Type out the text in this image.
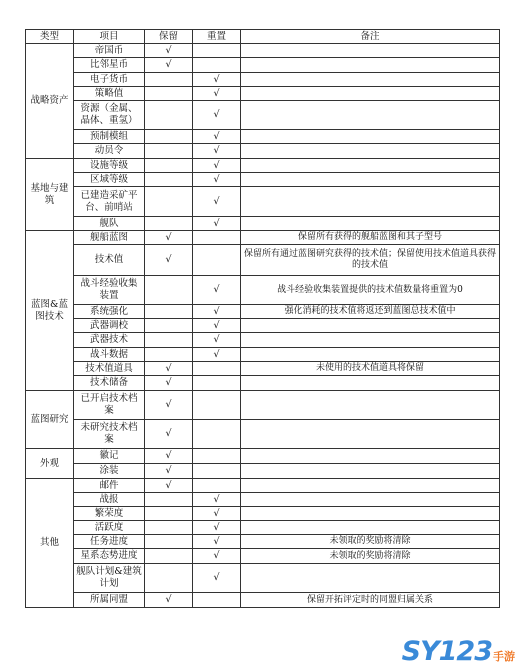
类型	项目	保留	重置	备注
战略资产	帝国币	√		
	比邻星币	√		
	电子货币		√	
	策略值		√	
	资源（金属、晶体、重氢）		√	
	预制模组		√	
	动员令		√	
基地与建筑	设施等级		√	
	区域等级		√	
	已建造采矿平台、前哨站		√	
	舰队		√	
蓝图&蓝图技术	舰船蓝图	√		保留所有获得的舰船蓝图和其子型号
	技术值	√		保留所有通过蓝图研究获得的技术值；保留使用技术值道具获得的技术值
	战斗经验收集装置		√	战斗经验收集装置提供的技术值数量将重置为0
	系统强化		√	强化消耗的技术值将返还到蓝图总技术值中
	武器调校		√	
	武器技术		√	
	战斗数据		√	
	技术值道具	√		未使用的技术值道具将保留
	技术储备	√		
蓝图研究	已开启技术档案	√		
	未研究技术档案	√		
外观	徽记	√		
	涂装	√		
其他	邮件	√		
	战报		√	
	繁荣度		√	
	活跃度		√	
	任务进度		√	未领取的奖励将清除
	星系态势进度		√	未领取的奖励将清除
	舰队计划&建筑计划		√	
	所属同盟	√		保留开拓评定时的同盟归属关系
SY123手游
